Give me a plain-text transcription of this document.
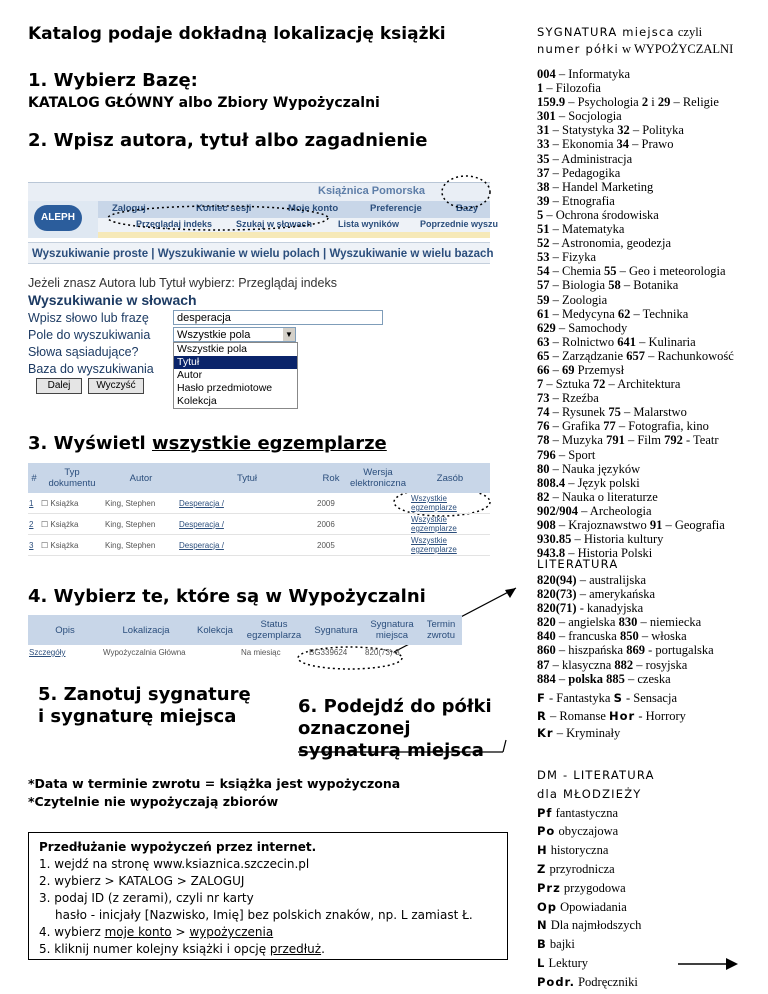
Katalog podaje dokładną lokalizację książki
1. Wybierz Bazę:
KATALOG GŁÓWNY albo Zbiory Wypożyczalni
2. Wpisz autora, tytuł albo zagadnienie
Książnica Pomorska
ALEPH
Zaloguj	Koniec sesji	Moje konto	Preferencje	Bazy
Przeglądaj indeks	Szukaj w słowach	Lista wyników Poprzednie wyszu
Wyszukiwanie proste | Wyszukiwanie w wielu polach | Wyszukiwanie w wielu bazach
Jeżeli znasz Autora lub Tytuł wybierz: Przeglądaj indeks
Wyszukiwanie w słowach
Wpisz słowo lub frazę	desperacja
Pole do wyszukiwania	Wszystkie pola	▼
Słowa sąsiadujące?
Baza do wyszukiwania
Wszystkie pola
Tytuł
Autor
Hasło przedmiotowe
Kolekcja
Dalej	Wyczyść
3. Wyświetl wszystkie egzemplarze
#	Typ dokumentu	Autor	Tytuł	Rok	Wersja elektroniczna	Zasób
1	☐ Książka	King, Stephen	Desperacja /	2009		Wszystkie egzemplarze
2	☐ Książka	King, Stephen	Desperacja /	2006		Wszystkie egzemplarze
3	☐ Książka	King, Stephen	Desperacja /	2005		Wszystkie egzemplarze
4. Wybierz te, które są w Wypożyczalni
Opis	Lokalizacja	Kolekcja	Status egzemplarza	Sygnatura	Sygnatura miejsca	Termin zwrotu
Szczegóły	Wypożyczalnia Główna		Na miesiąc	BG339624	820(73)-3	
5. Zanotuj sygnaturę
i sygnaturę miejsca	6. Podejdź do półki
oznaczonej
sygnaturą miejsca
*Data w terminie zwrotu = książka jest wypożyczona
*Czytelnie nie wypożyczają zbiorów
Przedłużanie wypożyczeń przez internet.
1. wejdź na stronę www.ksiaznica.szczecin.pl
2. wybierz > KATALOG > ZALOGUJ
3. podaj ID (z zerami), czyli nr karty
hasło - inicjały [Nazwisko, Imię] bez polskich znaków, np. L zamiast Ł.
4. wybierz moje konto > wypożyczenia
5. kliknij numer kolejny książki i opcję przedłuż.
SYGNATURA miejsca czyli
numer półki w WYPOŻYCZALNI
004 – Informatyka
1 – Filozofia
159.9 – Psychologia 2 i 29 – Religie
301 – Socjologia
31 – Statystyka 32 – Polityka
33 – Ekonomia 34 – Prawo
35 – Administracja
37 – Pedagogika
38 – Handel Marketing
39 – Etnografia
5 – Ochrona środowiska
51 – Matematyka
52 – Astronomia, geodezja
53 – Fizyka
54 – Chemia 55 – Geo i meteorologia
57 – Biologia 58 – Botanika
59 – Zoologia
61 – Medycyna 62 – Technika
629 – Samochody
63 – Rolnictwo 641 – Kulinaria
65 – Zarządzanie 657 – Rachunkowość
66 – 69 Przemysł
7 – Sztuka 72 – Architektura
73 – Rzeźba
74 – Rysunek 75 – Malarstwo
76 – Grafika 77 – Fotografia, kino
78 – Muzyka 791 – Film 792 - Teatr
796 – Sport
80 – Nauka języków
808.4 – Język polski
82 – Nauka o literaturze
902/904 – Archeologia
908 – Krajoznawstwo 91 – Geografia
930.85 – Historia kultury
943.8 – Historia Polski
LITERATURA
820(94) – australijska
820(73) – amerykańska
820(71) - kanadyjska
820 – angielska 830 – niemiecka
840 – francuska 850 – włoska
860 – hiszpańska 869 - portugalska
87 – klasyczna 882 – rosyjska
884 – polska 885 – czeska
F - Fantastyka S - Sensacja
R – Romanse Hor - Horrory
Kr – Kryminały
DM - LITERATURA
dla MŁODZIEŻY
Pf fantastyczna
Po obyczajowa
H historyczna
Z przyrodnicza
Prz przygodowa
Op Opowiadania
N Dla najmłodszych
B bajki
L Lektury
Podr. Podręczniki
